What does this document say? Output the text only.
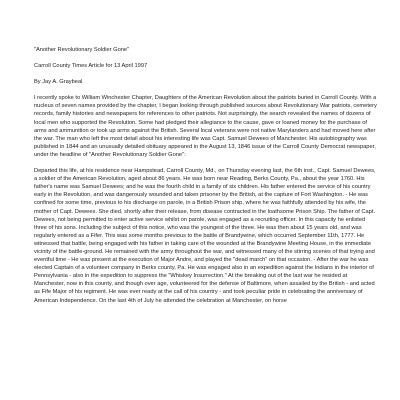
"Another Revolutionary Soldier Gone"

Carroll County Times Article for 13 April 1997

By Jay A. Graybeal

I recently spoke to William Winchester Chapter, Daughters of the American Revolution about the patriots buried in Carroll County. With a nucleus of seven names provided by the chapter, I began looking through published sources about Revolutionary War patriots, cemetery records, family histories and newspapers for references to other patriots. Not surprisingly, the search revealed the names of dozens of local men who supported the Revolution. Some had pledged their allegiance to the cause, gave or loaned money for the purchase of arms and ammunition or took up arms against the British. Several local veterans were not native Marylanders and had moved here after the war. The man who left the most detail about his interesting life was Capt. Samuel Dewees of Manchester. His autobiography was published in 1844 and an unusually detailed obituary appeared in the August 13, 1846 issue of the Carroll County Democrat newspaper, under the headline of "Another Revolutionary Soldier Gone":

Departed this life, at his residence near Hampstead, Carroll County, Md., on Thursday evening last, the 6th inst., Capt. Samuel Dewees, a soldier of the American Revolution, aged about 86 years. He was born near Reading, Berks County, Pa., about the year 1760. His father's name was Samuel Dewees; and he was the fourth child in a family of six children. His father entered the service of his country early in the Revolution, and was dangerously wounded and taken prisoner by the British, at the capture of Fort Washington. - He was confined for some time, previous to his discharge on parole, in a British Prison ship, where he was faithfully attended by his wife, the mother of Capt. Dewees. She died, shortly after their release, from disease contracted in the loathsome Prison Ship. The father of Capt. Dewees, not being permitted to enter active service whilst on parole, was engaged as a recruiting officer. In this capacity he enlisted three of his sons. Including the subject of this notice, who was the youngest of the three. He was then about 15 years old, and was regularly entered as a Fifer. This was some months previous to the battle of Brandywine, which occurred September 11th, 1777. He witnessed that battle, being engaged with his father in taking care of the wounded at the Brandywine Meeting House, in the immediate vicinity of the battle-ground. He remained with the army throughout the war, and witnessed many of the stirring scenes of that trying and eventful time - He was present at the execution of Major Andre, and played the "dead march" on that occasion. - After the war he was elected Captain of a volunteer company in Berks county, Pa. He was engaged also in an expedition against the Indians in the interior of Pennsylvania - also in the expedition to suppress the "Whiskey Insurrection." At the breaking out of the last war he resided at Manchester, now in this county, and though over age, volunteered for the defense of Baltimore, when assailed by the British - and acted as Fife Major of his regiment. He was ever ready at the call of his country - and took peculiar pride in celebrating the anniversary of American Independence. On the last 4th of July he attended the celebration at Manchester, on horse
